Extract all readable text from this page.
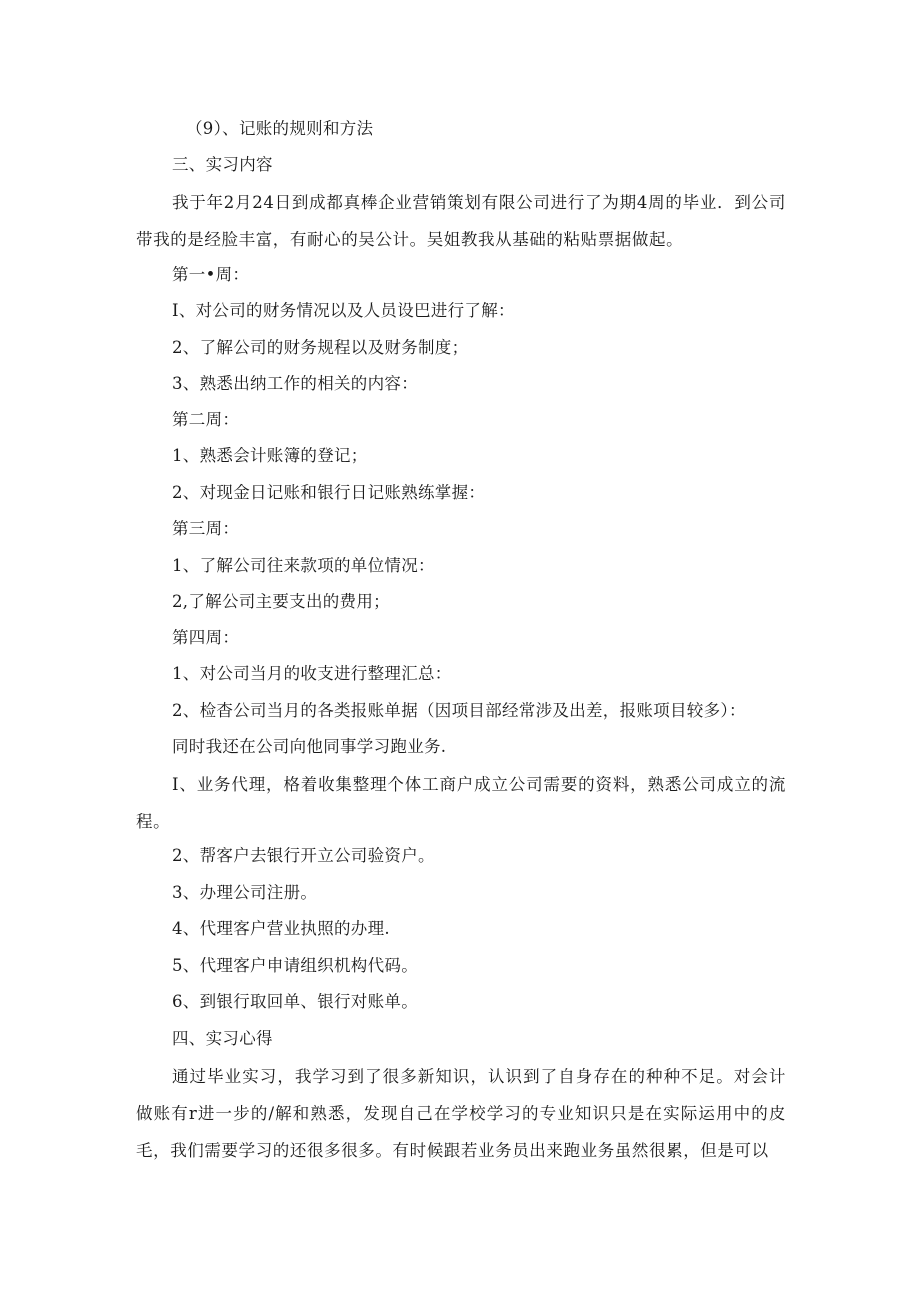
（9）、记账的规则和方法
三、实习内容
我于年2月24日到成都真棒企业营销策划有限公司进行了为期4周的毕业．到公司带我的是经脸丰富，有耐心的吴公计。吴姐教我从基础的粘贴票据做起。
第一•周：
I、对公司的财务情况以及人员设巴进行了解：
2、了解公司的财务规程以及财务制度；
3、熟悉出纳工作的相关的内容：
第二周：
1、熟悉会计账簿的登记；
2、对现金日记账和银行日记账熟练掌握：
第三周：
1、了解公司往来款项的单位情况：
2,了解公司主要支出的费用；
第四周：
1、对公司当月的收支进行整理汇总：
2、检杳公司当月的各类报账单据（因项目部经常涉及出差，报账项目较多）：
同时我还在公司向他同事学习跑业务.
I、业务代理，格着收集整理个体工商户成立公司需要的资料，熟悉公司成立的流程。
2、帮客户去银行开立公司验资户。
3、办理公司注册。
4、代理客户营业执照的办理.
5、代理客户申请组织机构代码。
6、到银行取回单、银行对账单。
四、实习心得
通过毕业实习，我学习到了很多新知识，认识到了自身存在的种种不足。对会计做账有r进一步的/解和熟悉，发现自己在学校学习的专业知识只是在实际运用中的皮毛，我们需要学习的还很多很多。有时候跟若业务员出来跑业务虽然很累，但是可以
